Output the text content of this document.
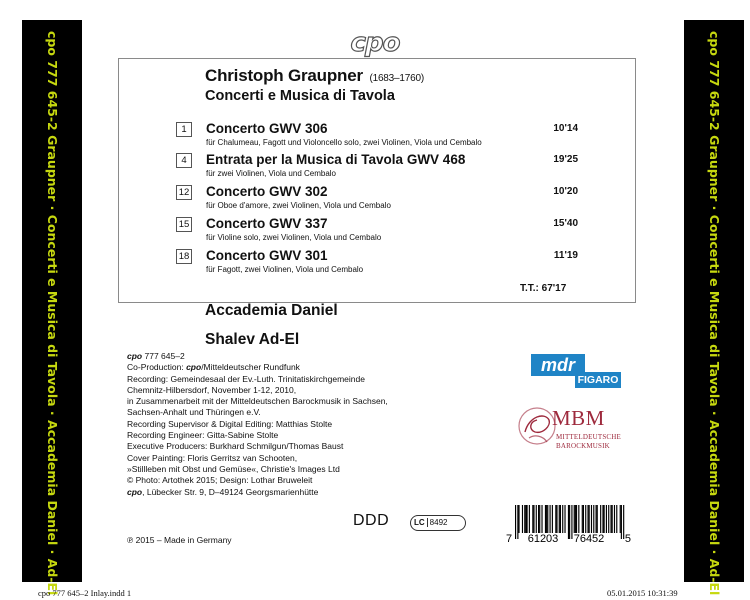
cpo 777 645-2 Graupner · Concerti e Musica di Tavola · Accademia Daniel · Ad-El	cpo 777 645-2 Graupner · Concerti e Musica di Tavola · Accademia Daniel · Ad-El
cpo
Christoph Graupner (1683–1760)
Concerti e Musica di Tavola
1	Concerto GWV 306
für Chalumeau, Fagott und Violoncello solo, zwei Violinen, Viola und Cembalo
10'14
4	Entrata per la Musica di Tavola GWV 468
für zwei Violinen, Viola und Cembalo
19'25
12 Concerto GWV 302
für Oboe d'amore, zwei Violinen, Viola und Cembalo
10'20
15 Concerto GWV 337
für Violine solo, zwei Violinen, Viola und Cembalo
15'40
18 Concerto GWV 301
für Fagott, zwei Violinen, Viola und Cembalo
11'19
T.T.: 67'17
Accademia Daniel
Shalev Ad-El
cpo 777 645–2
Co-Production: cpo/Mitteldeutscher Rundfunk
Recording: Gemeindesaal der Ev.-Luth. Trinitatiskirchgemeinde
Chemnitz-Hilbersdorf, November 1-12, 2010,
in Zusammenarbeit mit der Mitteldeutschen Barockmusik in Sachsen,
Sachsen-Anhalt und Thüringen e.V.
Recording Supervisor & Digital Editing: Matthias Stolte
Recording Engineer: Gitta-Sabine Stolte
Executive Producers: Burkhard Schmilgun/Thomas Baust
Cover Painting: Floris Gerritsz van Schooten,
»Stillleben mit Obst und Gemüse«, Christie's Images Ltd
© Photo: Artothek 2015; Design: Lothar Bruweleit
cpo, Lübecker Str. 9, D–49124 Georgsmarienhütte
℗ 2015 – Made in Germany
DDD	LC 8492
mdr
FIGARO
MBM
MITTELDEUTSCHE
BAROCKMUSIK
7 61203 76452 5
cpo 777 645–2 Inlay.indd 1	05.01.2015 10:31:39
